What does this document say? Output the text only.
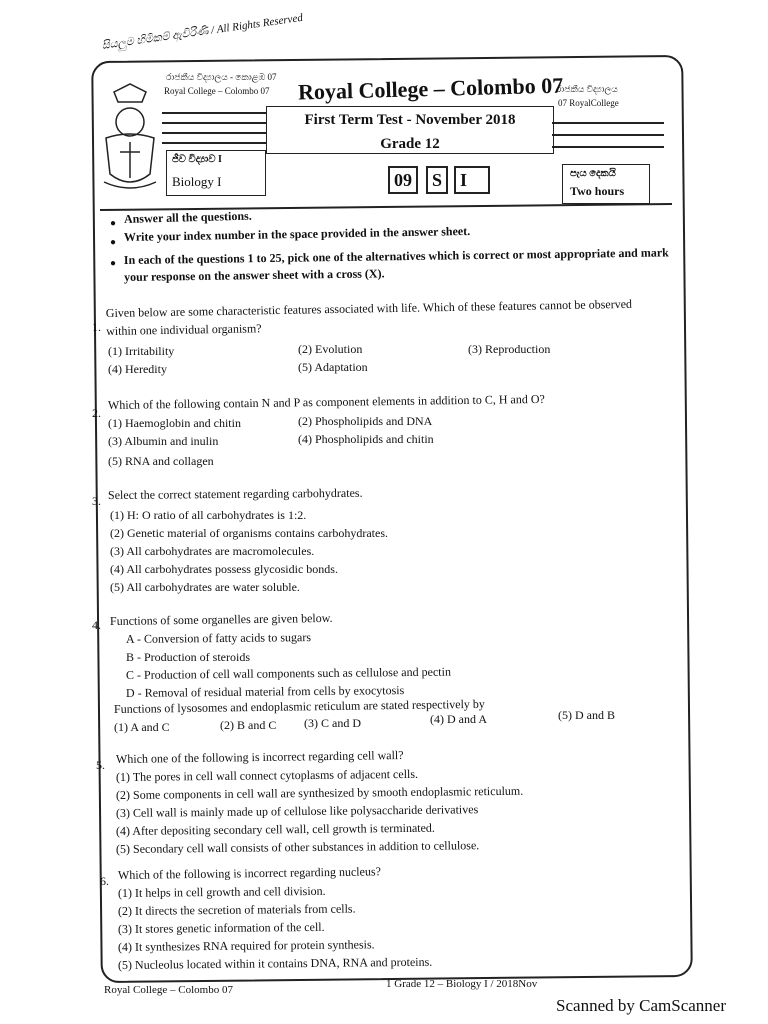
සියලුම හිමිකම් ඇවිරිණි / All Rights Reserved
රාජකීය විද්‍යාලය - කොළඹ 07
Royal College – Colombo 07 Royal College – Colombo 07
රාජකීය විද්‍යාලය
07 RoyalCollege
First Term Test - November 2018
Grade 12
ජීව විද්‍යාව I
Biology I	09	S I	පැය දෙකයි
Two hours
● Answer all the questions.
● Write your index number in the space provided in the answer sheet.
● In each of the questions 1 to 25, pick one of the alternatives which is correct or most appropriate and mark your response on the answer sheet with a cross (X).
1.
Given below are some characteristic features associated with life. Which of these features cannot be observed within one individual organism?
(1) Irritability	(2) Evolution	(3) Reproduction
(4) Heredity	(5) Adaptation
2.
Which of the following contain N and P as component elements in addition to C, H and O?
(1) Haemoglobin and chitin	(2) Phospholipids and DNA
(3) Albumin and inulin	(4) Phospholipids and chitin
(5) RNA and collagen
3. Select the correct statement regarding carbohydrates.
(1) H: O ratio of all carbohydrates is 1:2.
(2) Genetic material of organisms contains carbohydrates.
(3) All carbohydrates are macromolecules.
(4) All carbohydrates possess glycosidic bonds.
(5) All carbohydrates are water soluble.
4. Functions of some organelles are given below.
A - Conversion of fatty acids to sugars
B - Production of steroids
C - Production of cell wall components such as cellulose and pectin
D - Removal of residual material from cells by exocytosis
Functions of lysosomes and endoplasmic reticulum are stated respectively by
(1) A and C	(2) B and C (3) C and D	(4) D and A	(5) D and B
5. Which one of the following is incorrect regarding cell wall?
(1) The pores in cell wall connect cytoplasms of adjacent cells.
(2) Some components in cell wall are synthesized by smooth endoplasmic reticulum.
(3) Cell wall is mainly made up of cellulose like polysaccharide derivatives
(4) After depositing secondary cell wall, cell growth is terminated.
(5) Secondary cell wall consists of other substances in addition to cellulose.
6. Which of the following is incorrect regarding nucleus?
(1) It helps in cell growth and cell division.
(2) It directs the secretion of materials from cells.
(3) It stores genetic information of the cell.
(4) It synthesizes RNA required for protein synthesis.
(5) Nucleolus located within it contains DNA, RNA and proteins.
Royal College – Colombo 07	1 Grade 12 – Biology I / 2018Nov
Scanned by CamScanner
